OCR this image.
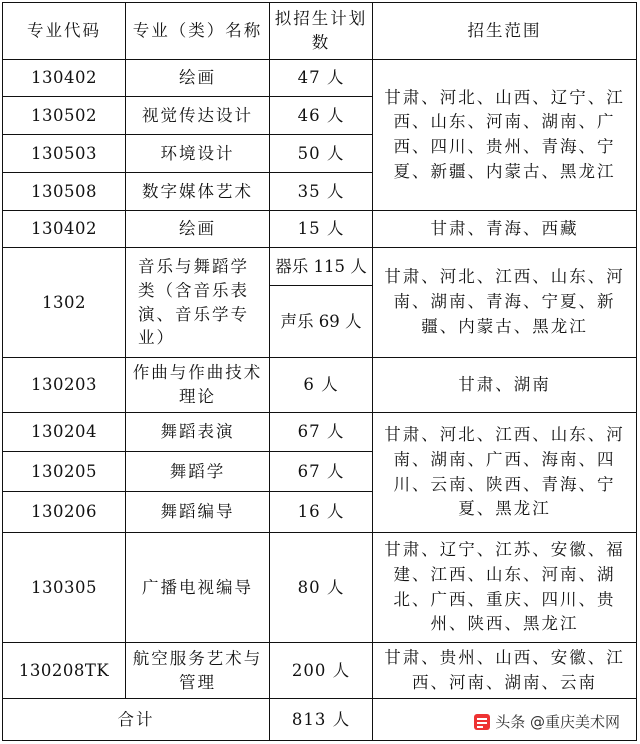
专业代码	专业（类）名称	拟招生计划数	招生范围
130402	绘画	47 人	甘肃、河北、山西、辽宁、江西、山东、河南、湖南、广西、四川、贵州、青海、宁夏、新疆、内蒙古、黑龙江
130502	视觉传达设计	46 人	
130503	环境设计	50 人	
130508	数字媒体艺术	35 人	
130402	绘画	15 人	甘肃、青海、西藏
1302	音乐与舞蹈学类（含音乐表演、音乐学专业）	器乐 115 人	甘肃、河北、江西、山东、河南、湖南、青海、宁夏、新疆、内蒙古、黑龙江
		声乐 69 人	
130203	作曲与作曲技术理论	6 人	甘肃、湖南
130204	舞蹈表演	67 人	甘肃、河北、江西、山东、河南、湖南、广西、海南、四川、云南、陕西、青海、宁夏、黑龙江
130205	舞蹈学	67 人	
130206	舞蹈编导	16 人	
130305	广播电视编导	80 人	甘肃、辽宁、江苏、安徽、福建、江西、山东、河南、湖北、广西、重庆、四川、贵州、陕西、黑龙江
130208TK	航空服务艺术与管理	200 人	甘肃、贵州、山西、安徽、江西、河南、湖南、云南
合计		813 人		头条 @重庆美术网
